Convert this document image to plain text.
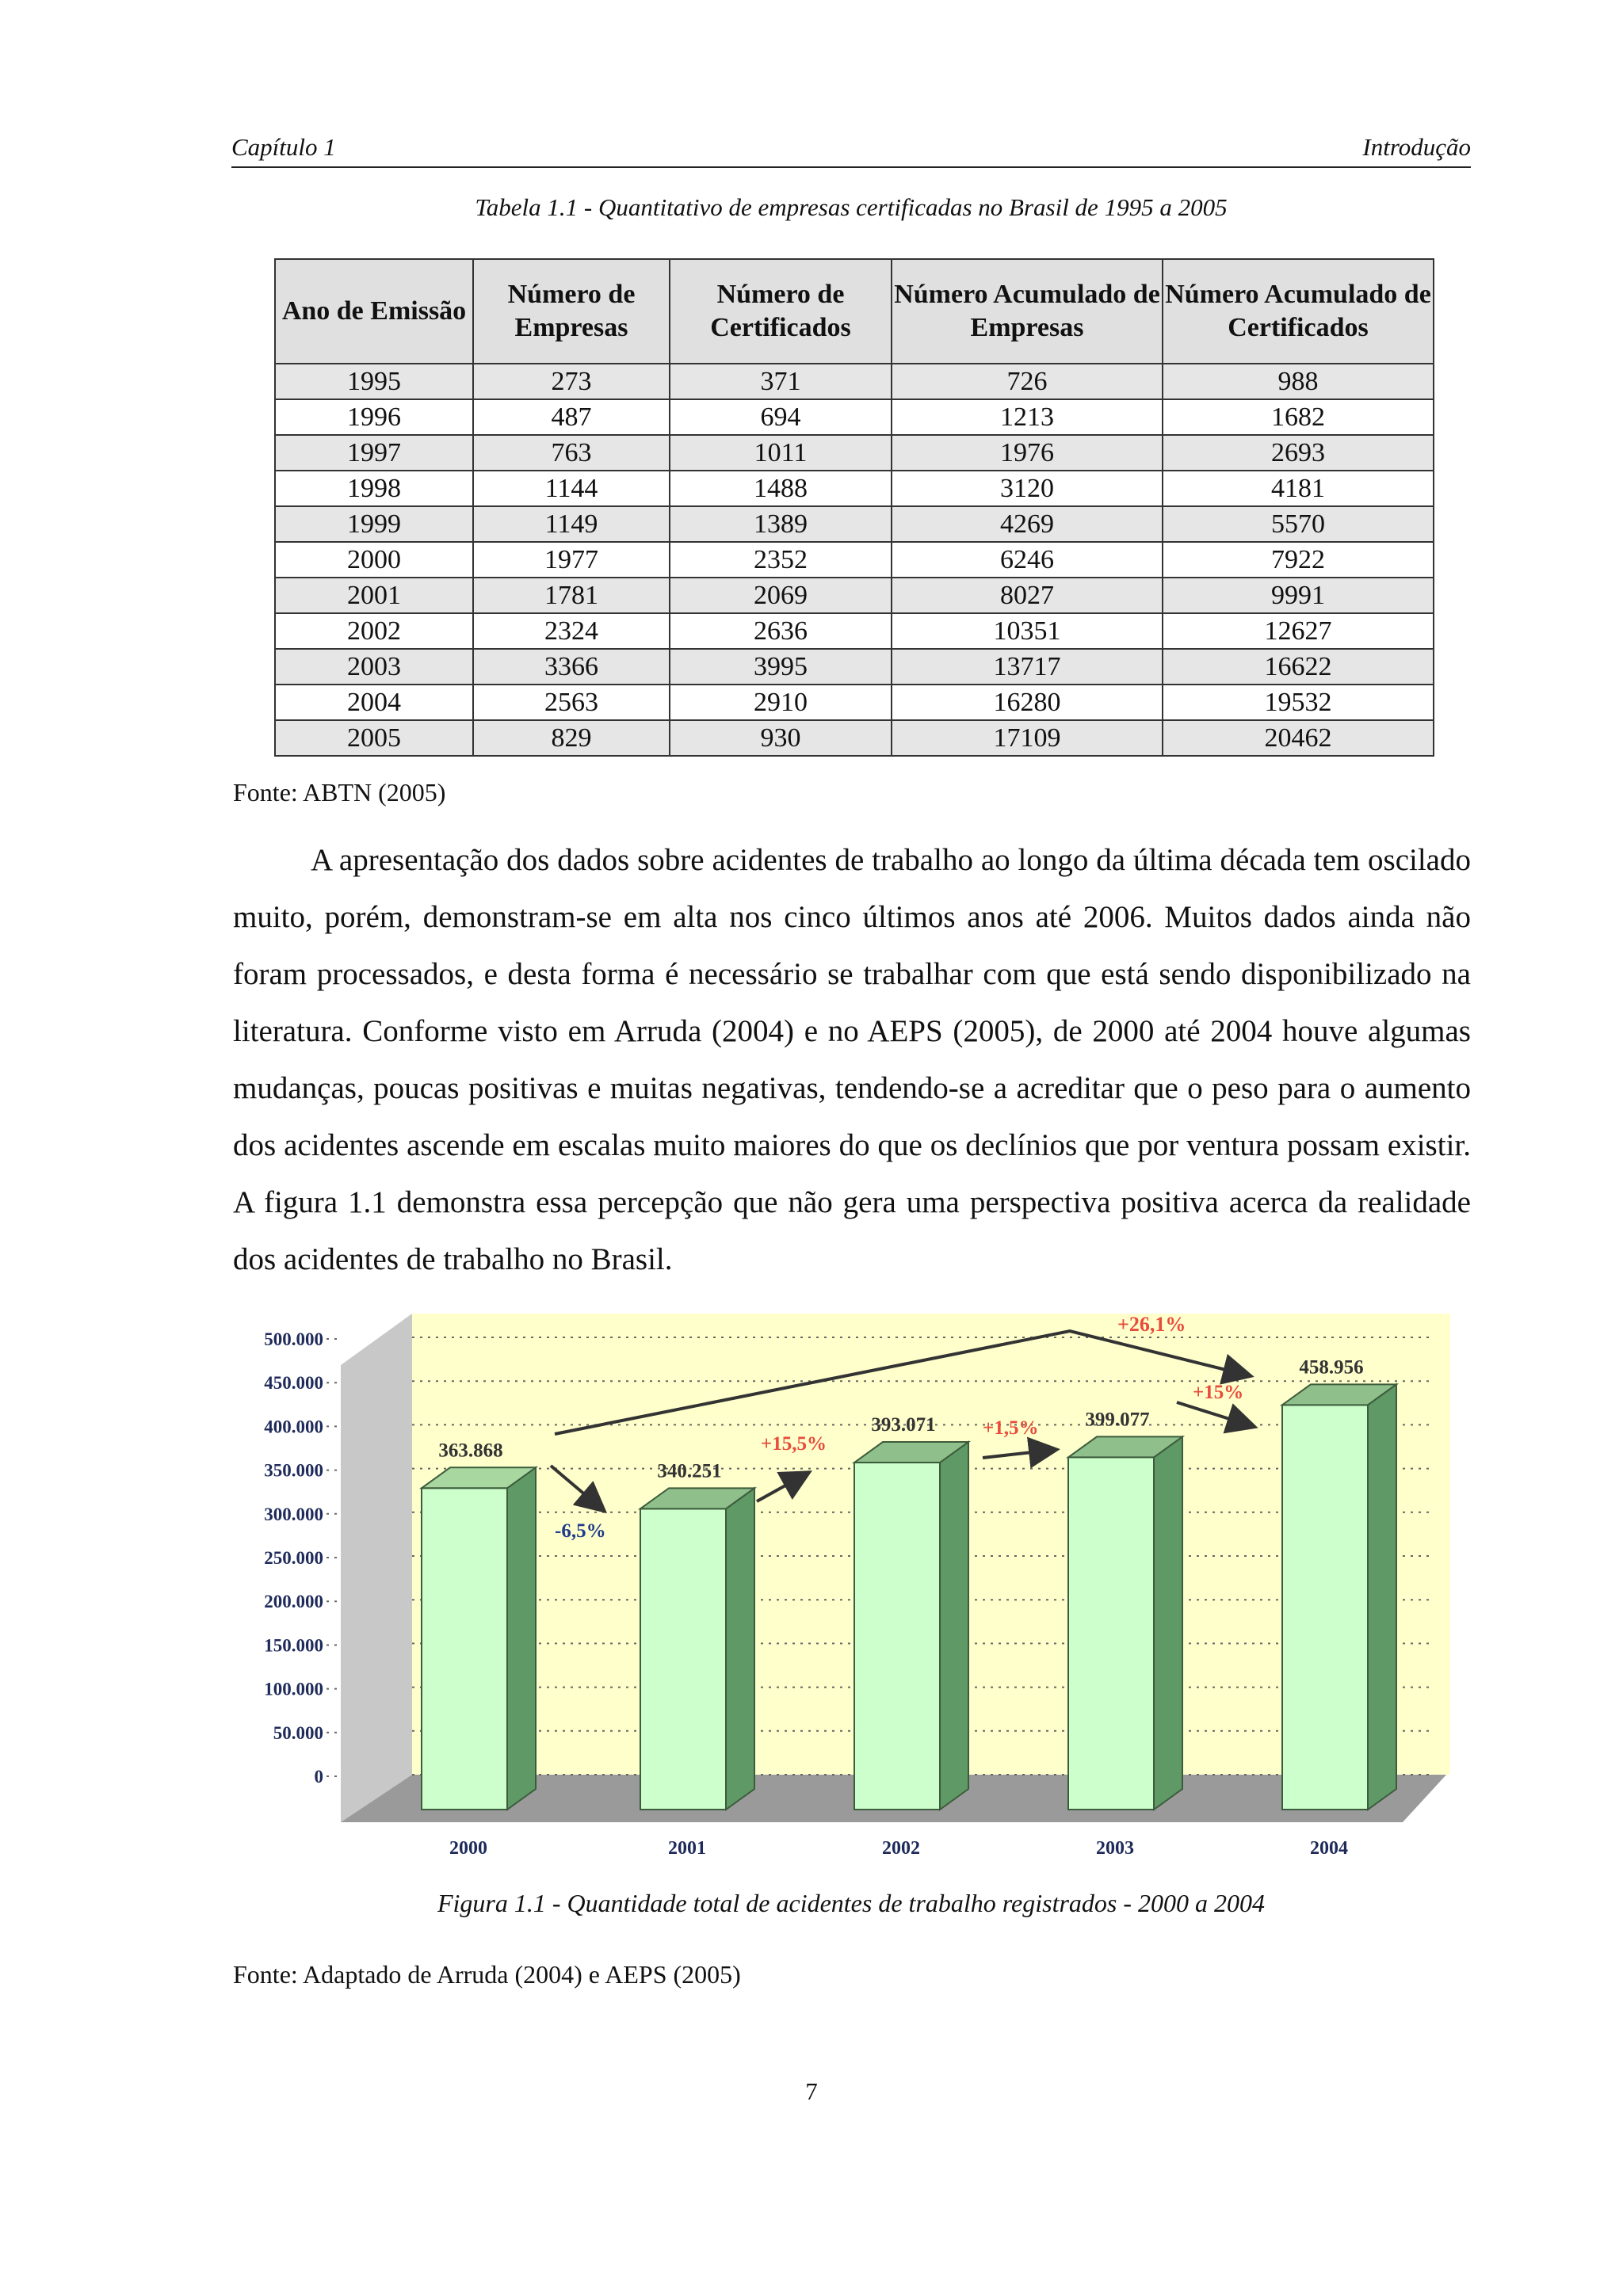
Capítulo 1	Introdução
Tabela 1.1 - Quantitativo de empresas certificadas no Brasil de 1995 a 2005
Ano de Emissão	Número de Empresas	Número de Certificados	Número Acumulado de Empresas	Número Acumulado de Certificados
1995	273	371	726	988
1996	487	694	1213	1682
1997	763	1011	1976	2693
1998	1144	1488	3120	4181
1999	1149	1389	4269	5570
2000	1977	2352	6246	7922
2001	1781	2069	8027	9991
2002	2324	2636	10351	12627
2003	3366	3995	13717	16622
2004	2563	2910	16280	19532
2005	829	930	17109	20462
Fonte: ABTN (2005)

A apresentação dos dados sobre acidentes de trabalho ao longo da última década tem oscilado muito, porém, demonstram-se em alta nos cinco últimos anos até 2006. Muitos dados ainda não foram processados, e desta forma é necessário se trabalhar com que está sendo disponibilizado na literatura. Conforme visto em Arruda (2004) e no AEPS (2005), de 2000 até 2004 houve algumas mudanças, poucas positivas e muitas negativas, tendendo-se a acreditar que o peso para o aumento dos acidentes ascende em escalas muito maiores do que os declínios que por ventura possam existir. A figura 1.1 demonstra essa percepção que não gera uma perspectiva positiva acerca da realidade dos acidentes de trabalho no Brasil.

0
50.000
100.000
150.000
200.000
250.000
300.000
350.000
400.000
450.000
500.000
363.868
2000
340.251
2001
393.071
2002
399.077
2003
458.956
2004
-6,5%
+15,5%
+1,5%
+15%
+26,1%
Figura 1.1 - Quantidade total de acidentes de trabalho registrados - 2000 a 2004
Fonte: Adaptado de Arruda (2004) e AEPS (2005)
7
